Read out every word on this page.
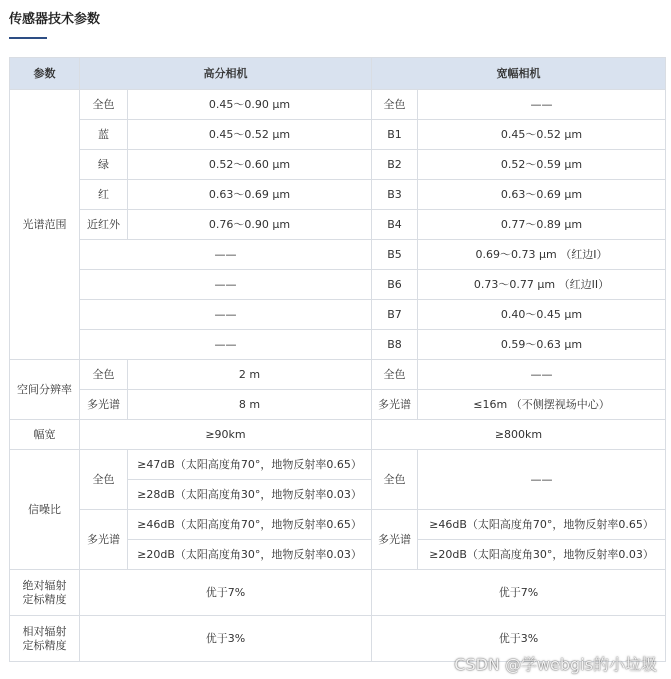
传感器技术参数
参数	高分相机		宽幅相机	
光谱范围	全色	0.45～0.90 μm	全色	——
	蓝	0.45～0.52 μm	B1	0.45～0.52 μm
	绿	0.52～0.60 μm	B2	0.52～0.59 μm
	红	0.63～0.69 μm	B3	0.63～0.69 μm
	近红外	0.76～0.90 μm	B4	0.77～0.89 μm
	——		B5	0.69～0.73 μm （红边I）
	——		B6	0.73～0.77 μm （红边II）
	——		B7	0.40～0.45 μm
	——		B8	0.59～0.63 μm
空间分辨率	全色	2 m	全色	——
	多光谱	8 m	多光谱	≤16m （不侧摆视场中心）
幅宽	≥90km		≥800km	
信噪比	全色	≥47dB（太阳高度角70°，地物反射率0.65）	全色	——
		≥28dB（太阳高度角30°，地物反射率0.03）		
	多光谱	≥46dB（太阳高度角70°，地物反射率0.65）	多光谱	≥46dB（太阳高度角70°，地物反射率0.65）
		≥20dB（太阳高度角30°，地物反射率0.03）		≥20dB（太阳高度角30°，地物反射率0.03）
绝对辐射
定标精度	优于7%		优于7%	
相对辐射
定标精度	优于3%		优于3%	
CSDN @学webgis的小垃圾
